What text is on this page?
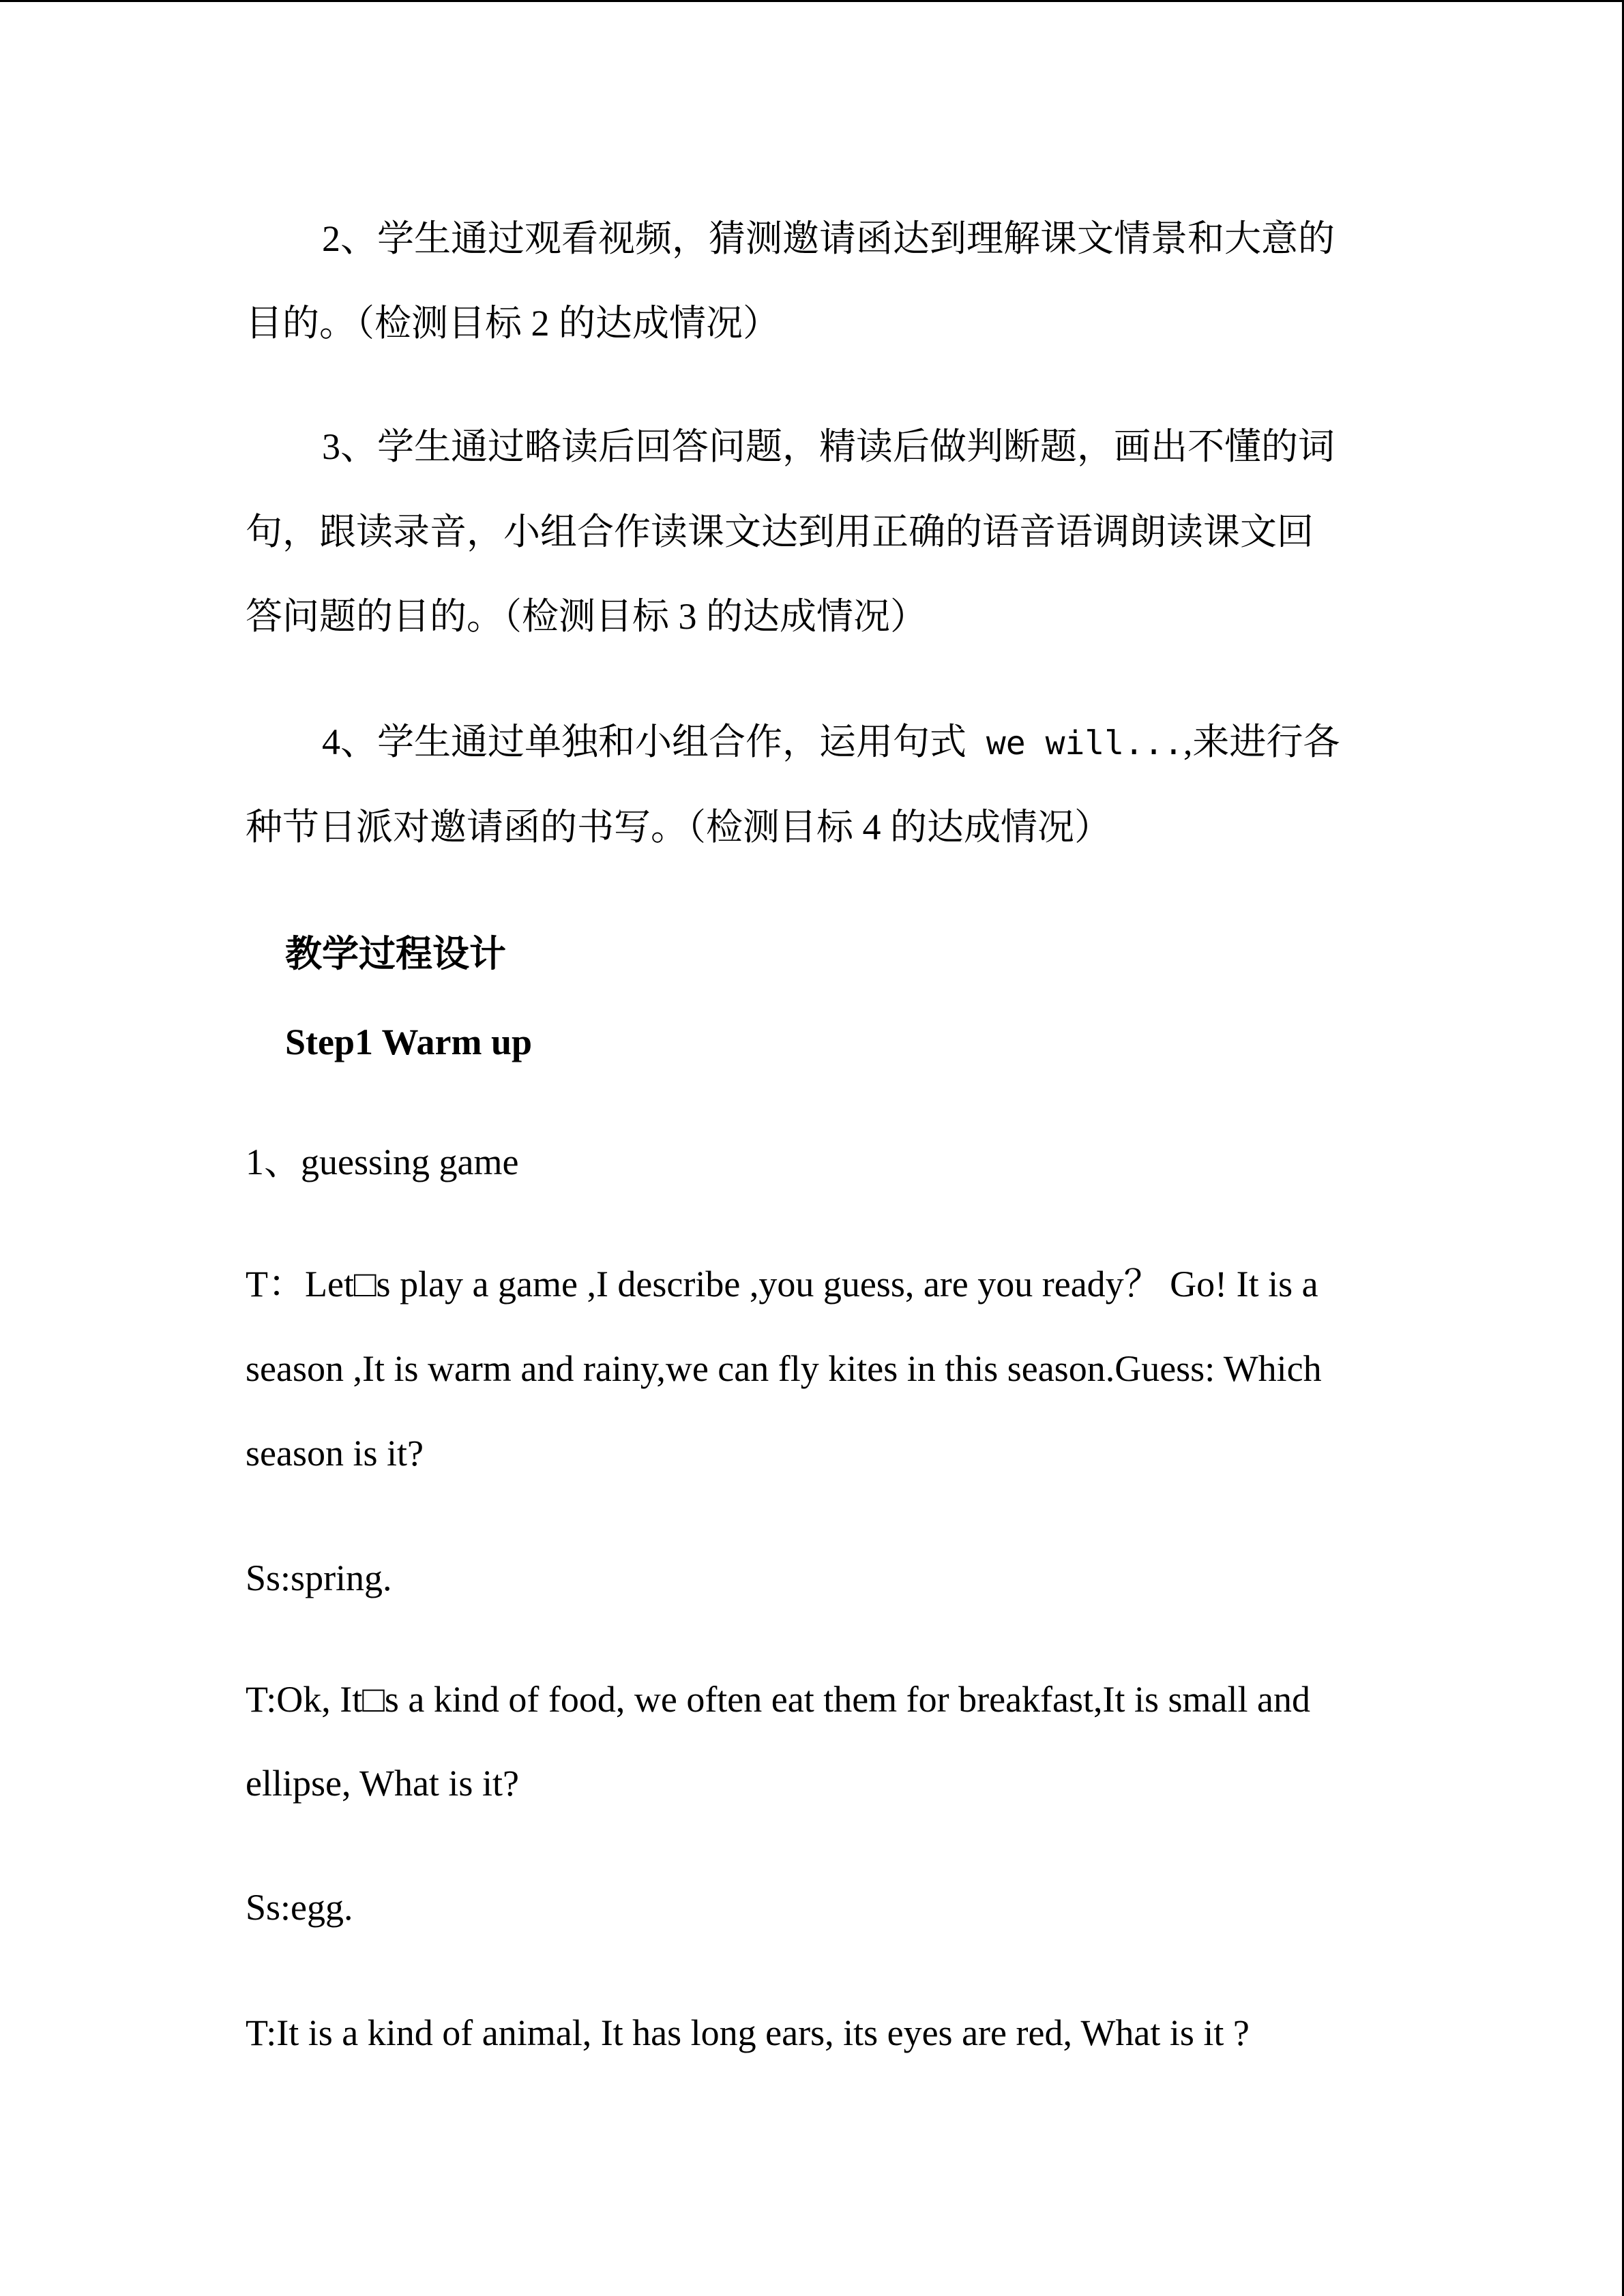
2、学生通过观看视频，猜测邀请函达到理解课文情景和大意的
目的。（检测目标 2 的达成情况）
3、学生通过略读后回答问题，精读后做判断题，画出不懂的词
句，跟读录音，小组合作读课文达到用正确的语音语调朗读课文回
答问题的目的。（检测目标 3 的达成情况）
4、学生通过单独和小组合作，运用句式 we will...,来进行各
种节日派对邀请函的书写。（检测目标 4 的达成情况）
教学过程设计
Step1 Warm up
1、guessing game
T：Let□s play a game ,I describe ,you guess, are you ready？ Go! It is a
season ,It is warm and rainy,we can fly kites in this season.Guess: Which
season is it?
Ss:spring.
T:Ok, It□s a kind of food, we often eat them for breakfast,It is small and
ellipse, What is it?
Ss:egg.
T:It is a kind of animal, It has long ears, its eyes are red, What is it ?
